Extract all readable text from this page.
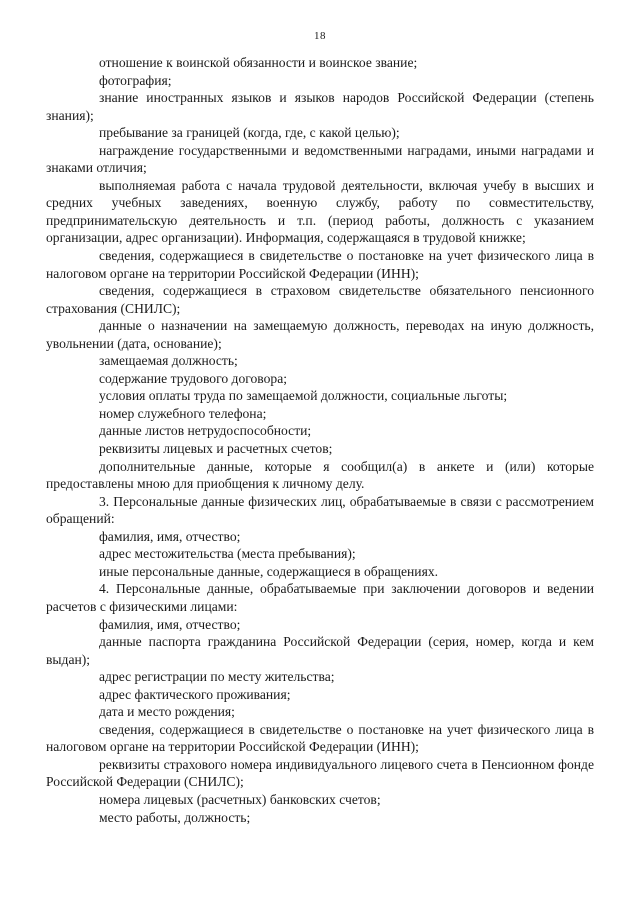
18

отношение к воинской обязанности и воинское звание;

фотография;

знание иностранных языков и языков народов Российской Федерации (степень знания);

пребывание за границей (когда, где, с какой целью);

награждение государственными и ведомственными наградами, иными наградами и знаками отличия;

выполняемая работа с начала трудовой деятельности, включая учебу в высших и средних учебных заведениях, военную службу, работу по совместительству, предпринимательскую деятельность и т.п. (период работы, должность с указанием организации, адрес организации). Информация, содержащаяся в трудовой книжке;

сведения, содержащиеся в свидетельстве о постановке на учет физического лица в налоговом органе на территории Российской Федерации (ИНН);

сведения, содержащиеся в страховом свидетельстве обязательного пенсионного страхования (СНИЛС);

данные о назначении на замещаемую должность, переводах на иную должность, увольнении (дата, основание);

замещаемая должность;

содержание трудового договора;

условия оплаты труда по замещаемой должности, социальные льготы;

номер служебного телефона;

данные листов нетрудоспособности;

реквизиты лицевых и расчетных счетов;

дополнительные данные, которые я сообщил(а) в анкете и (или) которые предоставлены мною для приобщения к личному делу.

3. Персональные данные физических лиц, обрабатываемые в связи с рассмотрением обращений:

фамилия, имя, отчество;

адрес местожительства (места пребывания);

иные персональные данные, содержащиеся в обращениях.

4. Персональные данные, обрабатываемые при заключении договоров и ведении расчетов с физическими лицами:

фамилия, имя, отчество;

данные паспорта гражданина Российской Федерации (серия, номер, когда и кем выдан);

адрес регистрации по месту жительства;

адрес фактического проживания;

дата и место рождения;

сведения, содержащиеся в свидетельстве о постановке на учет физического лица в налоговом органе на территории Российской Федерации (ИНН);

реквизиты страхового номера индивидуального лицевого счета в Пенсионном фонде Российской Федерации (СНИЛС);

номера лицевых (расчетных) банковских счетов;

место работы, должность;
